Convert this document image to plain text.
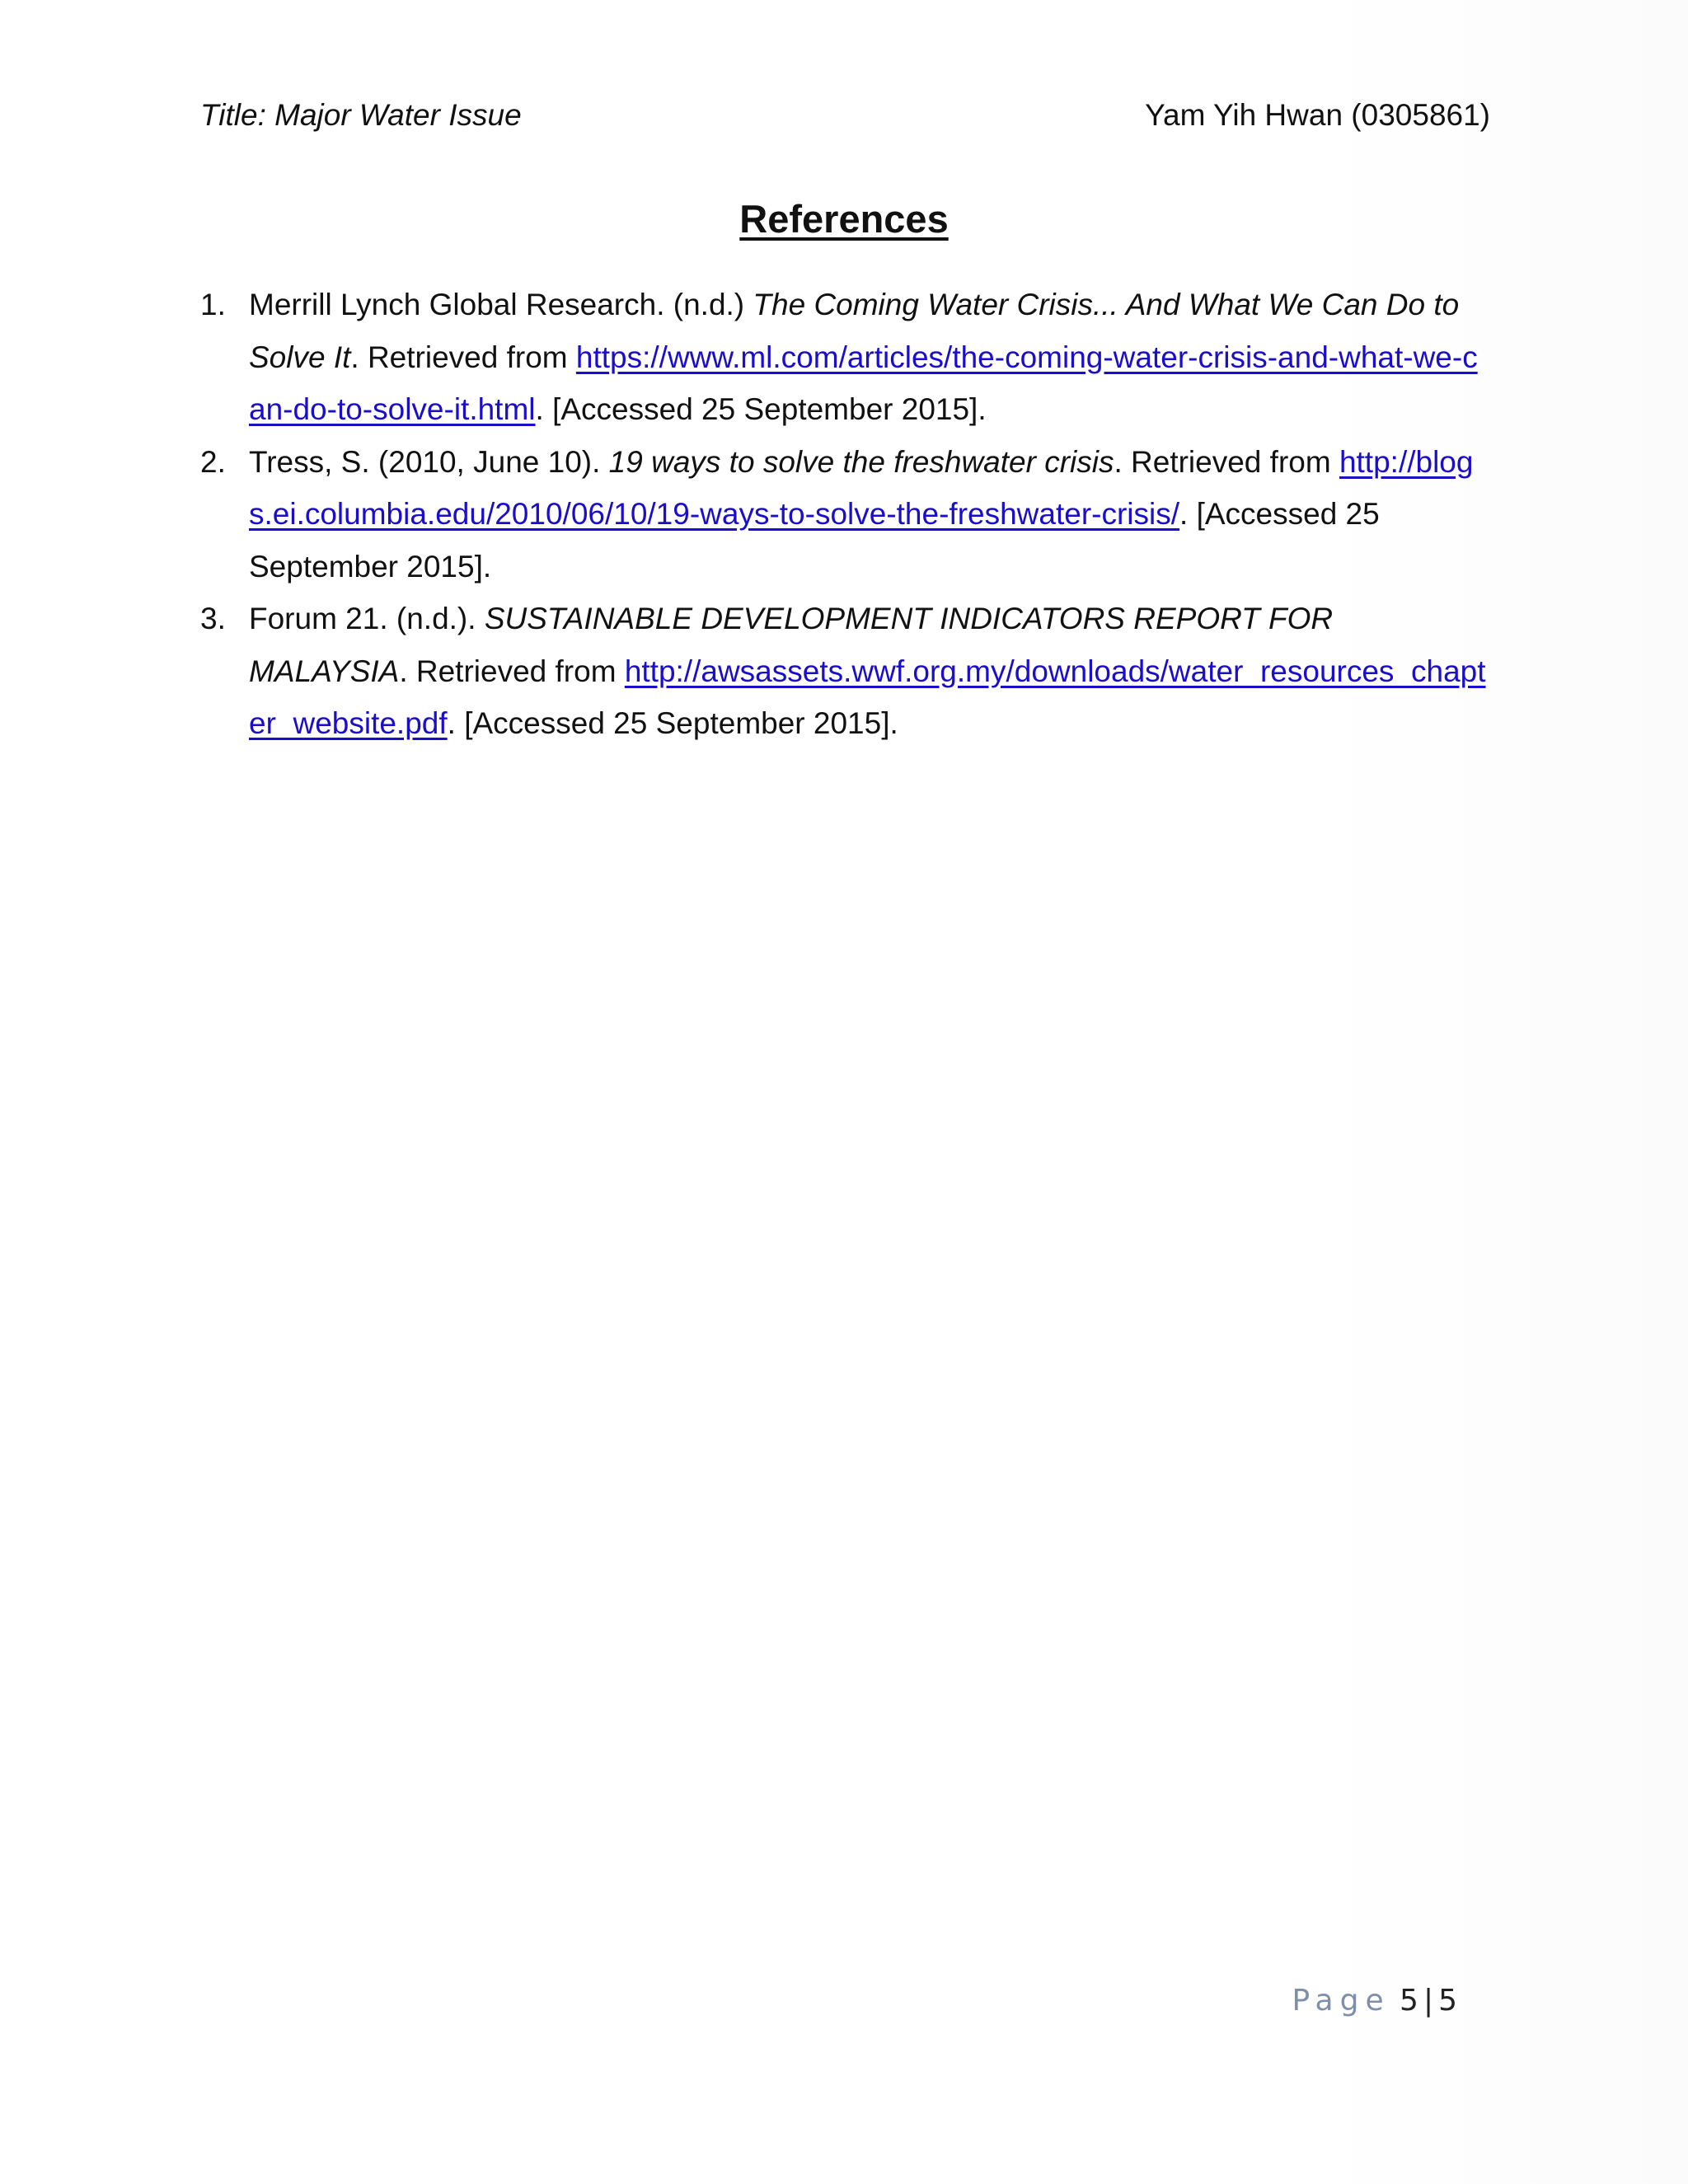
Title: Major Water Issue	Yam Yih Hwan (0305861)
References
1. Merrill Lynch Global Research. (n.d.) The Coming Water Crisis... And What We Can Do to Solve It. Retrieved from https://www.ml.com/articles/the-coming-water-crisis-and-what-we-can-do-to-solve-it.html. [Accessed 25 September 2015].
2. Tress, S. (2010, June 10). 19 ways to solve the freshwater crisis. Retrieved from http://blogs.ei.columbia.edu/2010/06/10/19-ways-to-solve-the-freshwater-crisis/. [Accessed 25 September 2015].
3. Forum 21. (n.d.). SUSTAINABLE DEVELOPMENT INDICATORS REPORT FOR MALAYSIA. Retrieved from http://awsassets.wwf.org.my/downloads/water_resources_chapter_website.pdf. [Accessed 25 September 2015].
Page 5 | 5
